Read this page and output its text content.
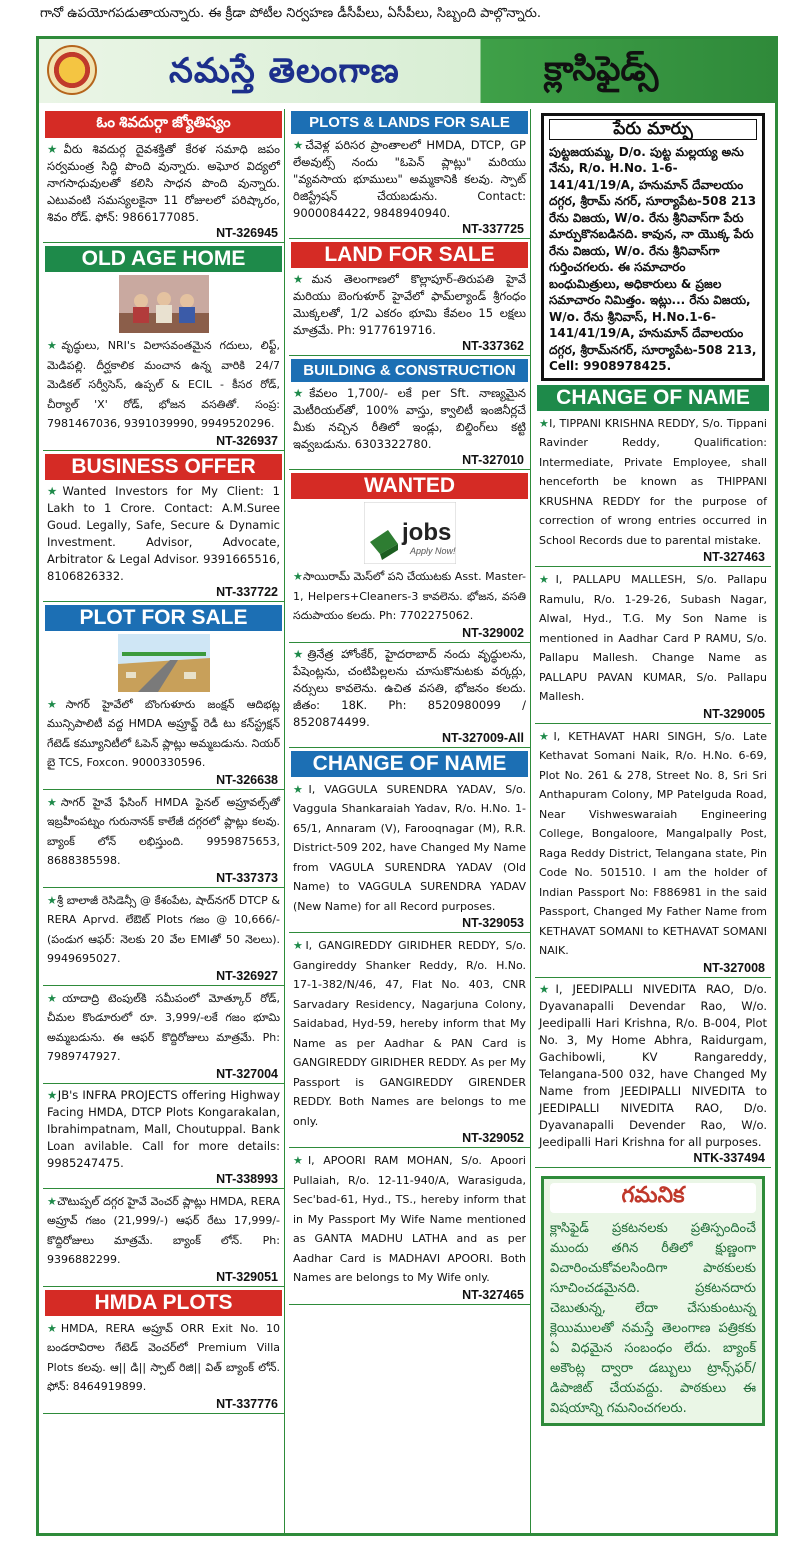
గానో ఉపయోగపడుతాయన్నారు. ఈ క్రీడా పోటీల నిర్వహణ డీసీపీలు, ఏసీపీలు, సిబ్బంది పాల్గొన్నారు.
నమస్తే తెలంగాణ	క్లాసిఫైడ్స్
ఓం శివదుర్గా జ్యోతిష్యం
★వీరు శివదుర్గ దైవశక్తితో కేరళ సమాధి జపం సర్వమంత్ర సిద్ధి పొంది వున్నారు. అఘోర విద్యలో నాగసాధువులతో కలిసి సాధన పొంది వున్నారు. ఎటువంటి సమస్యలకైనా 11 రోజులలో పరిష్కారం, శివం రోడ్. ఫోన్: 9866177085.
NT-326945
OLD AGE HOME
★వృద్ధులు, NRI's విలాసవంతమైన గదులు, లిఫ్ట్, మెడిపల్లి. దీర్ఘకాలిక మంచాన ఉన్న వారికి 24/7 మెడికల్ సర్వీసెస్, ఉప్పల్ & ECIL - కీసర రోడ్, చీర్యాల్ 'X' రోడ్, భోజన వసతితో. సంప్ర: 7981467036, 9391039990, 9949520296.
NT-326937
BUSINESS OFFER
★Wanted Investors for My Client: 1 Lakh to 1 Crore. Contact: A.M.Suree Goud. Legally, Safe, Secure & Dynamic Investment. Advisor, Advocate, Arbitrator & Legal Advisor. 9391665516, 8106826332.
NT-337722
PLOT FOR SALE
★సాగర్ హైవేలో బొంగుళూరు జంక్షన్ ఆదిభట్ల మున్సిపాలిటీ వద్ద HMDA అప్రూవ్డ్ రెడీ టు కన్‌స్ట్రక్షన్ గేటెడ్ కమ్యూనిటీలో ఓపెన్ ప్లాట్లు అమ్మబడును. నియర్ బై TCS, Foxcon. 9000330596.
NT-326638
★సాగర్ హైవే ఫేసింగ్ HMDA ఫైనల్ అప్రూవల్స్‌తో ఇబ్రహీంపట్నం గురునానక్ కాలేజీ దగ్గరలో ప్లాట్లు కలవు. బ్యాంక్ లోన్ లభిస్తుంది. 9959875653, 8688385598.
NT-337373
★శ్రీ బాలాజీ రెసిడెన్సీ @ కేశంపేట, షాద్‌నగర్ DTCP & RERA Aprvd. లేఔట్ Plots గజం @ 10,666/- (పండుగ ఆఫర్: నెలకు 20 వేల EMIతో 50 నెలలు). 9949695027.
NT-326927
★యాదాద్రి టెంపుల్‌కి సమీపంలో మోత్కూర్ రోడ్, చీమల కొండూరులో రూ. 3,999/-లకే గజం భూమి అమ్మబడును. ఈ ఆఫర్ కొద్దిరోజులు మాత్రమే. Ph: 7989747927.
NT-327004
★JB's INFRA PROJECTS offering Highway Facing HMDA, DTCP Plots Kongarakalan, Ibrahimpatnam, Mall, Choutuppal. Bank Loan avilable. Call for more details: 9985247475.
NT-338993
★చౌటుప్పల్ దగ్గర హైవే వెంచర్ ప్లాట్లు HMDA, RERA అప్రూవ్ గజం (21,999/-) ఆఫర్ రేటు 17,999/- కొద్దిరోజులు మాత్రమే. బ్యాంక్ లోన్. Ph: 9396882299.
NT-329051
HMDA PLOTS
★HMDA, RERA అప్రూవ్ ORR Exit No. 10 బండరావిరాల గేటెడ్ వెంచర్‌లో Premium Villa Plots కలవు. ఆ|| డి|| స్పాట్ రిజి|| విత్ బ్యాంక్ లోన్. ఫోన్: 8464919899.
NT-337776
PLOTS & LANDS FOR SALE
★చేవెళ్ల పరిసర ప్రాంతాలలో HMDA, DTCP, GP లేఅవుట్స్ నందు "ఓపెన్ ప్లాట్లు" మరియు "వ్యవసాయ భూములు" అమ్మకానికి కలవు. స్పాట్ రిజిస్ట్రేషన్ చేయబడును. Contact: 9000084422, 9848940940.
NT-337725
LAND FOR SALE
★మన తెలంగాణలో కొల్లాపూర్-తిరుపతి హైవే మరియు బెంగుళూర్ హైవేలో ఫామ్‌ల్యాండ్ శ్రీగంధం మొక్కలతో, 1/2 ఎకరం భూమి కేవలం 15 లక్షలు మాత్రమే. Ph: 9177619716.
NT-337362
BUILDING & CONSTRUCTION
★కేవలం 1,700/- లకే per Sft. నాణ్యమైన మెటీరియల్‌తో, 100% వాస్తు, క్వాలిటీ ఇంజినీర్లచే మీకు నచ్చిన రీతిలో ఇండ్లు, బిల్డింగ్‌లు కట్టి ఇవ్వబడును. 6303322780.
NT-327010
WANTED
jobs
Apply Now!
★సాయిరామ్ మెస్‌లో పని చేయుటకు Asst. Master-1, Helpers+Cleaners-3 కావలెను. భోజన, వసతి సదుపాయం కలదు. Ph: 7702275062.
NT-329002
★త్రినేత్ర హోంకేర్, హైదరాబాద్ నందు వృద్ధులను, పేషెంట్లను, చంటిపిల్లలను చూసుకొనుటకు వర్కర్లు, నర్సులు కావలెను. ఉచిత వసతి, భోజనం కలదు. జీతం: 18K. Ph: 8520980099 / 8520874499.
NT-327009-All
CHANGE OF NAME
★I, VAGGULA SURENDRA YADAV, S/o. Vaggula Shankaraiah Yadav, R/o. H.No. 1-65/1, Annaram (V), Farooqnagar (M), R.R. District-509 202, have Changed My Name from VAGULA SURENDRA YADAV (Old Name) to VAGGULA SURENDRA YADAV (New Name) for all Record purposes.
NT-329053
★I, GANGIREDDY GIRIDHER REDDY, S/o. Gangireddy Shanker Reddy, R/o. H.No. 17-1-382/N/46, 47, Flat No. 403, CNR Sarvadary Residency, Nagarjuna Colony, Saidabad, Hyd-59, hereby inform that My Name as per Aadhar & PAN Card is GANGIREDDY GIRIDHER REDDY. As per My Passport is GANGIREDDY GIRENDER REDDY. Both Names are belongs to me only.
NT-329052
★I, APOORI RAM MOHAN, S/o. Apoori Pullaiah, R/o. 12-11-940/A, Warasiguda, Sec'bad-61, Hyd., TS., hereby inform that in My Passport My Wife Name mentioned as GANTA MADHU LATHA and as per Aadhar Card is MADHAVI APOORI. Both Names are belongs to My Wife only.
NT-327465
పేరు మార్పు
పుట్టజయమ్మ, D/o. పుట్ట మల్లయ్య అను నేను, R/o. H.No. 1-6-141/41/19/A, హనుమాన్ దేవాలయం దగ్గర, శ్రీరామ్ నగర్, సూర్యాపేట-508 213 రేను విజయ, W/o. రేను శ్రీనివాస్‌గా పేరు మార్పుకొనబడినది. కావున, నా యొక్క పేరు రేను విజయ, W/o. రేను శ్రీనివాస్‌గా గుర్తించగలరు. ఈ సమాచారం బంధుమిత్రులు, అధికారులు & ప్రజల సమాచారం నిమిత్తం. ఇట్లు... రేను విజయ, W/o. రేను శ్రీనివాస్, H.No.1-6-141/41/19/A, హనుమాన్ దేవాలయం దగ్గర, శ్రీరామ్‌నగర్, సూర్యాపేట-508 213, Cell: 9908978425.
CHANGE OF NAME
★I, TIPPANI KRISHNA REDDY, S/o. Tippani Ravinder Reddy, Qualification: Intermediate, Private Employee, shall henceforth be known as THIPPANI KRUSHNA REDDY for the purpose of correction of wrong entries occurred in School Records due to parental mistake.
NT-327463
★I, PALLAPU MALLESH, S/o. Pallapu Ramulu, R/o. 1-29-26, Subash Nagar, Alwal, Hyd., T.G. My Son Name is mentioned in Aadhar Card P RAMU, S/o. Pallapu Mallesh. Change Name as PALLAPU PAVAN KUMAR, S/o. Pallapu Mallesh.
NT-329005
★I, KETHAVAT HARI SINGH, S/o. Late Kethavat Somani Naik, R/o. H.No. 6-69, Plot No. 261 & 278, Street No. 8, Sri Sri Anthapuram Colony, MP Patelguda Road, Near Vishweswaraiah Engineering College, Bongaloore, Mangalpally Post, Raga Reddy District, Telangana state, Pin Code No. 501510. I am the holder of Indian Passport No: F886981 in the said Passport, Changed My Father Name from KETHAVAT SOMANI to KETHAVAT SOMANI NAIK.
NT-327008
★I, JEEDIPALLI NIVEDITA RAO, D/o. Dyavanapalli Devendar Rao, W/o. Jeedipalli Hari Krishna, R/o. B-004, Plot No. 3, My Home Abhra, Raidurgam, Gachibowli, KV Rangareddy, Telangana-500 032, have Changed My Name from JEEDIPALLI NIVEDITA to JEEDIPALLI NIVEDITA RAO, D/o. Dyavanapalli Devender Rao, W/o. Jeedipalli Hari Krishna for all purposes.
NTK-337494
గమనిక
క్లాసిఫైడ్ ప్రకటనలకు ప్రతిస్పందించే ముందు తగిన రీతిలో క్షుణ్ణంగా విచారించుకోవలసిందిగా పాఠకులకు సూచించడమైనది. ప్రకటనదారు చెబుతున్న, లేదా చేసుకుంటున్న క్లెయిములతో నమస్తే తెలంగాణ పత్రికకు ఏ విధమైన సంబంధం లేదు. బ్యాంక్ అకౌంట్ల ద్వారా డబ్బులు ట్రాన్స్‌ఫర్/డిపాజిట్ చేయవద్దు. పాఠకులు ఈ విషయాన్ని గమనించగలరు.
